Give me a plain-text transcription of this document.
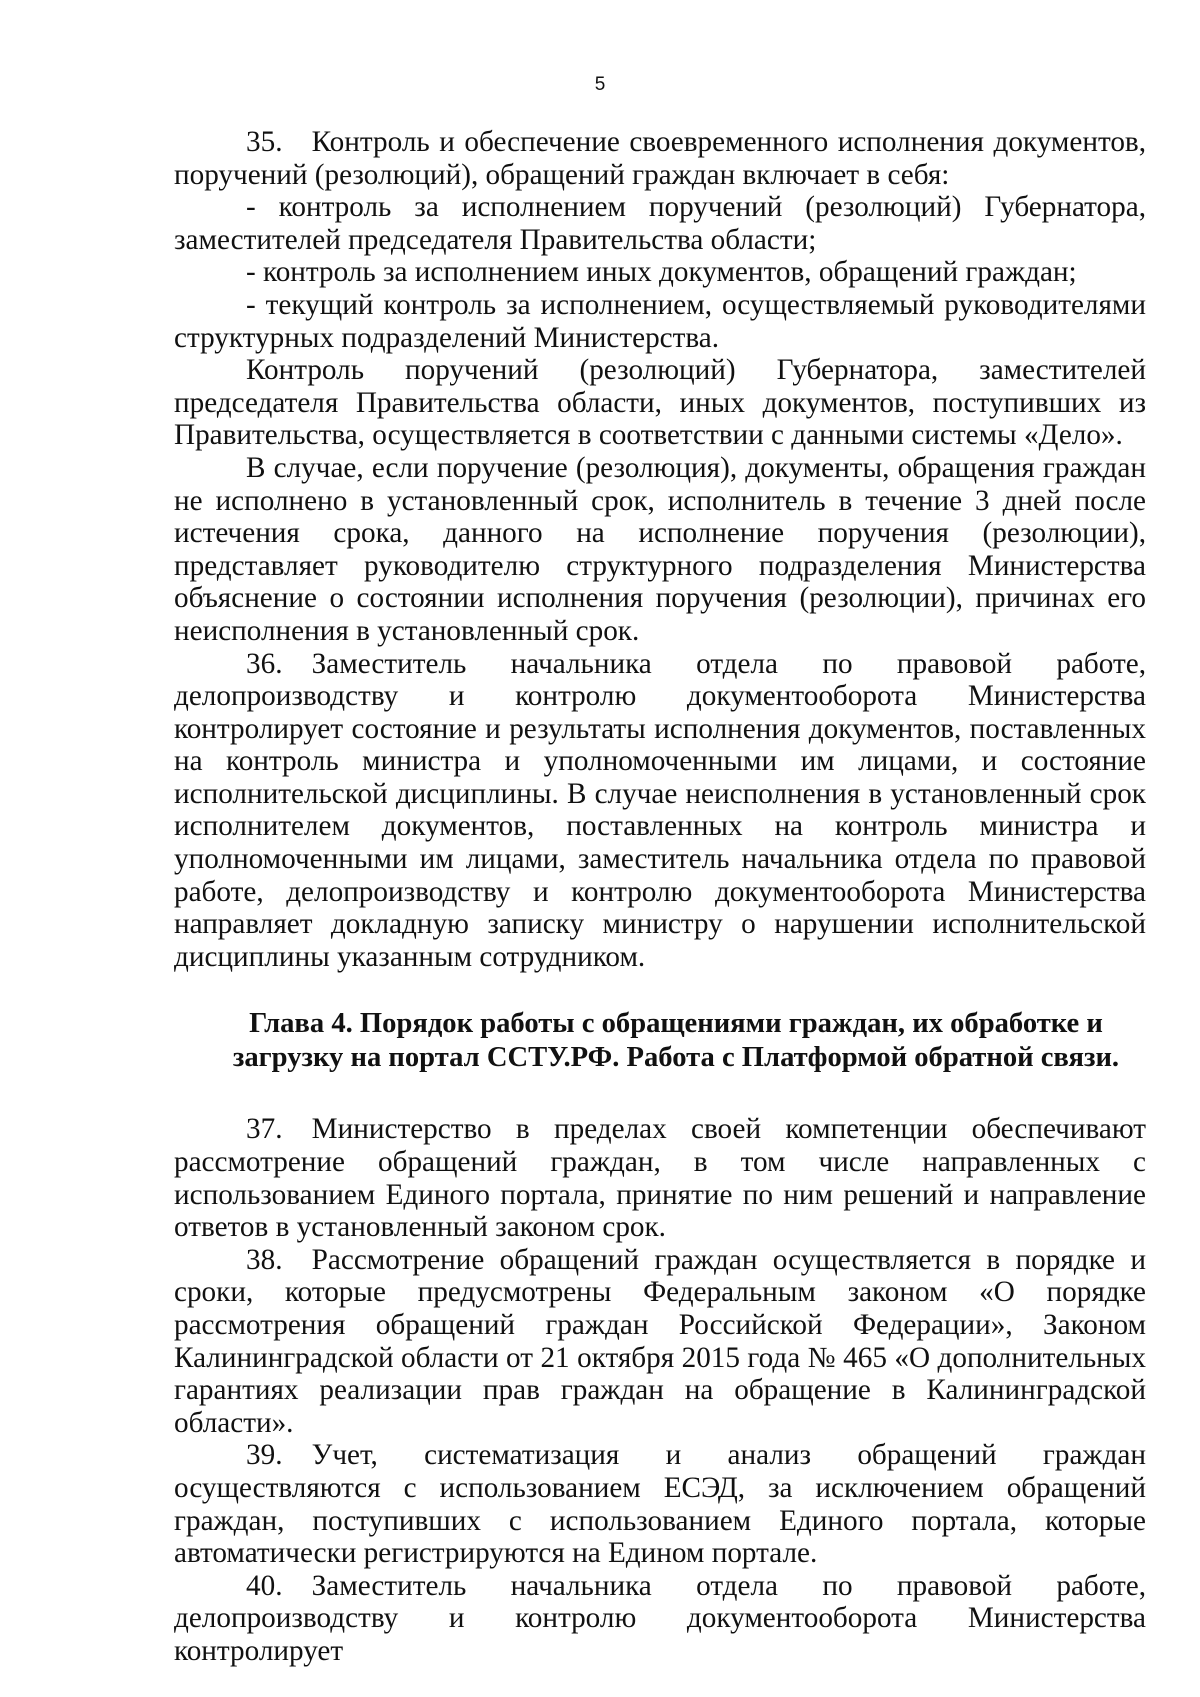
5

35. Контроль и обеспечение своевременного исполнения документов, поручений (резолюций), обращений граждан включает в себя:

- контроль за исполнением поручений (резолюций) Губернатора, заместителей председателя Правительства области;

- контроль за исполнением иных документов, обращений граждан;

- текущий контроль за исполнением, осуществляемый руководителями структурных подразделений Министерства.

Контроль поручений (резолюций) Губернатора, заместителей председателя Правительства области, иных документов, поступивших из Правительства, осуществляется в соответствии с данными системы «Дело».

В случае, если поручение (резолюция), документы, обращения граждан не исполнено в установленный срок, исполнитель в течение 3 дней после истечения срока, данного на исполнение поручения (резолюции), представляет руководителю структурного подразделения Министерства объяснение о состоянии исполнения поручения (резолюции), причинах его неисполнения в установленный срок.

36. Заместитель начальника отдела по правовой работе, делопроизводству и контролю документооборота Министерства контролирует состояние и результаты исполнения документов, поставленных на контроль министра и уполномоченными им лицами, и состояние исполнительской дисциплины. В случае неисполнения в установленный срок исполнителем документов, поставленных на контроль министра и уполномоченными им лицами, заместитель начальника отдела по правовой работе, делопроизводству и контролю документооборота Министерства направляет докладную записку министру о нарушении исполнительской дисциплины указанным сотрудником.

Глава 4. Порядок работы с обращениями граждан, их обработке и
загрузку на портал ССТУ.РФ. Работа с Платформой обратной связи.

37. Министерство в пределах своей компетенции обеспечивают рассмотрение обращений граждан, в том числе направленных с использованием Единого портала, принятие по ним решений и направление ответов в установленный законом срок.

38. Рассмотрение обращений граждан осуществляется в порядке и сроки, которые предусмотрены Федеральным законом «О порядке рассмотрения обращений граждан Российской Федерации», Законом Калининградской области от 21 октября 2015 года № 465 «О дополнительных гарантиях реализации прав граждан на обращение в Калининградской области».

39. Учет, систематизация и анализ обращений граждан осуществляются с использованием ЕСЭД, за исключением обращений граждан, поступивших с использованием Единого портала, которые автоматически регистрируются на Едином портале.

40. Заместитель начальника отдела по правовой работе, делопроизводству и контролю документооборота Министерства контролирует
